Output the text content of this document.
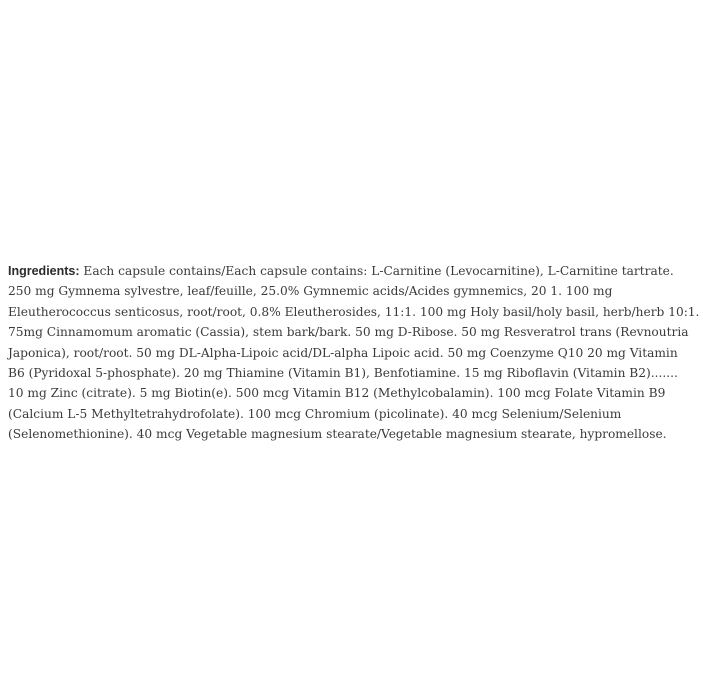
Ingredients: Each capsule contains/Each capsule contains: L-Carnitine (Levocarnitine), L-Carnitine tartrate.
250 mg Gymnema sylvestre, leaf/feuille, 25.0% Gymnemic acids/Acides gymnemics, 20 1. 100 mg
Eleutherococcus senticosus, root/root, 0.8% Eleutherosides, 11:1. 100 mg Holy basil/holy basil, herb/herb 10:1.
75mg Cinnamomum aromatic (Cassia), stem bark/bark. 50 mg D-Ribose. 50 mg Resveratrol trans (Revnoutria
Japonica), root/root. 50 mg DL-Alpha-Lipoic acid/DL-alpha Lipoic acid. 50 mg Coenzyme Q10 20 mg Vitamin
B6 (Pyridoxal 5-phosphate). 20 mg Thiamine (Vitamin B1), Benfotiamine. 15 mg Riboflavin (Vitamin B2).......
10 mg Zinc (citrate). 5 mg Biotin(e). 500 mcg Vitamin B12 (Methylcobalamin). 100 mcg Folate Vitamin B9
(Calcium L-5 Methyltetrahydrofolate). 100 mcg Chromium (picolinate). 40 mcg Selenium/Selenium
(Selenomethionine). 40 mcg Vegetable magnesium stearate/Vegetable magnesium stearate, hypromellose.
